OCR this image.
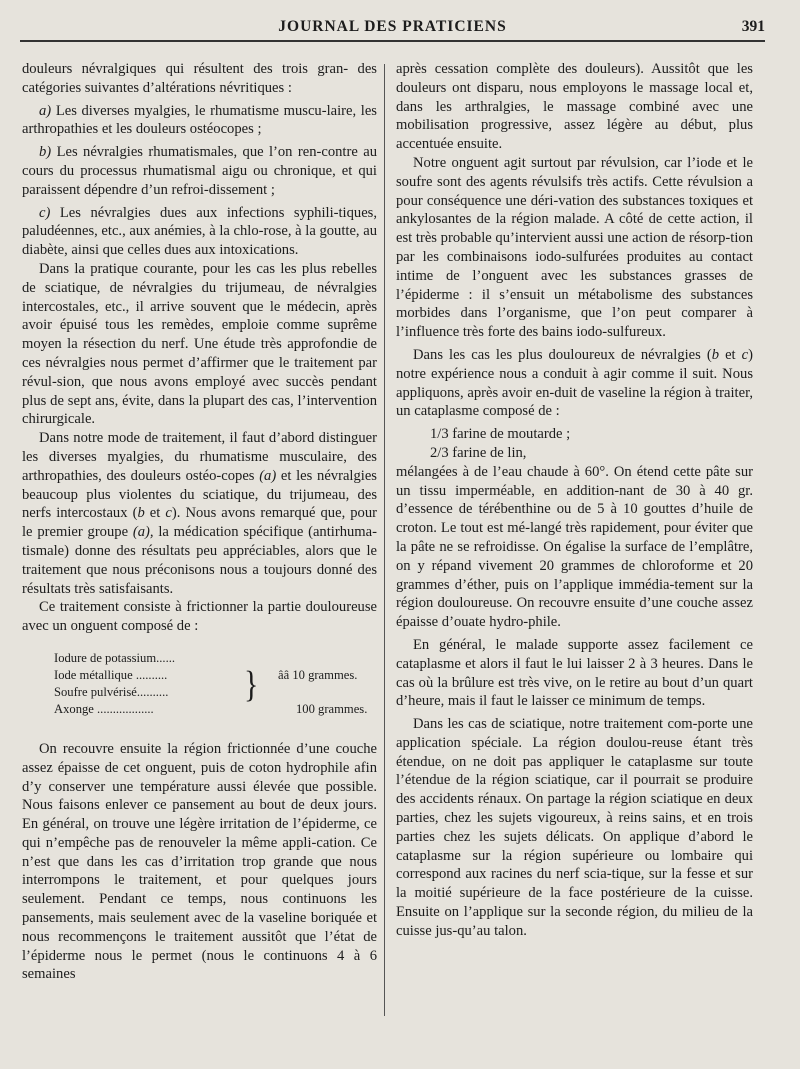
JOURNAL DES PRATICIENS	391

douleurs névralgiques qui résultent des trois gran- des catégories suivantes d’altérations névritiques :

a) Les diverses myalgies, le rhumatisme muscu-laire, les arthropathies et les douleurs ostéocopes ;

b) Les névralgies rhumatismales, que l’on ren-contre au cours du processus rhumatismal aigu ou chronique, et qui paraissent dépendre d’un refroi-dissement ;

c) Les névralgies dues aux infections syphili-tiques, paludéennes, etc., aux anémies, à la chlo-rose, à la goutte, au diabète, ainsi que celles dues aux intoxications.

Dans la pratique courante, pour les cas les plus rebelles de sciatique, de névralgies du trijumeau, de névralgies intercostales, etc., il arrive souvent que le médecin, après avoir épuisé tous les remèdes, emploie comme suprême moyen la résection du nerf. Une étude très approfondie de ces névralgies nous permet d’affirmer que le traitement par révul-sion, que nous avons employé avec succès pendant plus de sept ans, évite, dans la plupart des cas, l’intervention chirurgicale.

Dans notre mode de traitement, il faut d’abord distinguer les diverses myalgies, du rhumatisme musculaire, des arthropathies, des douleurs ostéo-copes (a) et les névralgies beaucoup plus violentes du sciatique, du trijumeau, des nerfs intercostaux (b et c). Nous avons remarqué que, pour le premier groupe (a), la médication spécifique (antirhuma-tismale) donne des résultats peu appréciables, alors que le traitement que nous préconisons nous a toujours donné des résultats très satisfaisants.

Ce traitement consiste à frictionner la partie douloureuse avec un onguent composé de :

Iodure de potassium......
Iode métallique ..........
Soufre pulvérisé..........	} ââ 10 grammes.
Axonge ..................	100 grammes.

On recouvre ensuite la région frictionnée d’une couche assez épaisse de cet onguent, puis de coton hydrophile afin d’y conserver une température aussi élevée que possible. Nous faisons enlever ce pansement au bout de deux jours. En général, on trouve une légère irritation de l’épiderme, ce qui n’empêche pas de renouveler la même appli-cation. Ce n’est que dans les cas d’irritation trop grande que nous interrompons le traitement, et pour quelques jours seulement. Pendant ce temps, nous continuons les pansements, mais seulement avec de la vaseline boriquée et nous recommençons le traitement aussitôt que l’état de l’épiderme nous le permet (nous le continuons 4 à 6 semaines

après cessation complète des douleurs). Aussitôt que les douleurs ont disparu, nous employons le massage local et, dans les arthralgies, le massage combiné avec une mobilisation progressive, assez légère au début, plus accentuée ensuite.

Notre onguent agit surtout par révulsion, car l’iode et le soufre sont des agents révulsifs très actifs. Cette révulsion a pour conséquence une déri-vation des substances toxiques et ankylosantes de la région malade. A côté de cette action, il est très probable qu’intervient aussi une action de résorp-tion par les combinaisons iodo-sulfurées produites au contact intime de l’onguent avec les substances grasses de l’épiderme : il s’ensuit un métabolisme des substances morbides dans l’organisme, que l’on peut comparer à l’influence très forte des bains iodo-sulfureux.

Dans les cas les plus douloureux de névralgies (b et c) notre expérience nous a conduit à agir comme il suit. Nous appliquons, après avoir en-duit de vaseline la région à traiter, un cataplasme composé de :

1/3 farine de moutarde ;

2/3 farine de lin,

mélangées à de l’eau chaude à 60°. On étend cette pâte sur un tissu imperméable, en addition-nant de 30 à 40 gr. d’essence de térébenthine ou de 5 à 10 gouttes d’huile de croton. Le tout est mé-langé très rapidement, pour éviter que la pâte ne se refroidisse. On égalise la surface de l’emplâtre, on y répand vivement 20 grammes de chloroforme et 20 grammes d’éther, puis on l’applique immédia-tement sur la région douloureuse. On recouvre ensuite d’une couche assez épaisse d’ouate hydro-phile.

En général, le malade supporte assez facilement ce cataplasme et alors il faut le lui laisser 2 à 3 heures. Dans le cas où la brûlure est très vive, on le retire au bout d’un quart d’heure, mais il faut le laisser ce minimum de temps.

Dans les cas de sciatique, notre traitement com-porte une application spéciale. La région doulou-reuse étant très étendue, on ne doit pas appliquer le cataplasme sur toute l’étendue de la région sciatique, car il pourrait se produire des accidents rénaux. On partage la région sciatique en deux parties, chez les sujets vigoureux, à reins sains, et en trois parties chez les sujets délicats. On applique d’abord le cataplasme sur la région supérieure ou lombaire qui correspond aux racines du nerf scia-tique, sur la fesse et sur la moitié supérieure de la face postérieure de la cuisse. Ensuite on l’applique sur la seconde région, du milieu de la cuisse jus-qu’au talon.
